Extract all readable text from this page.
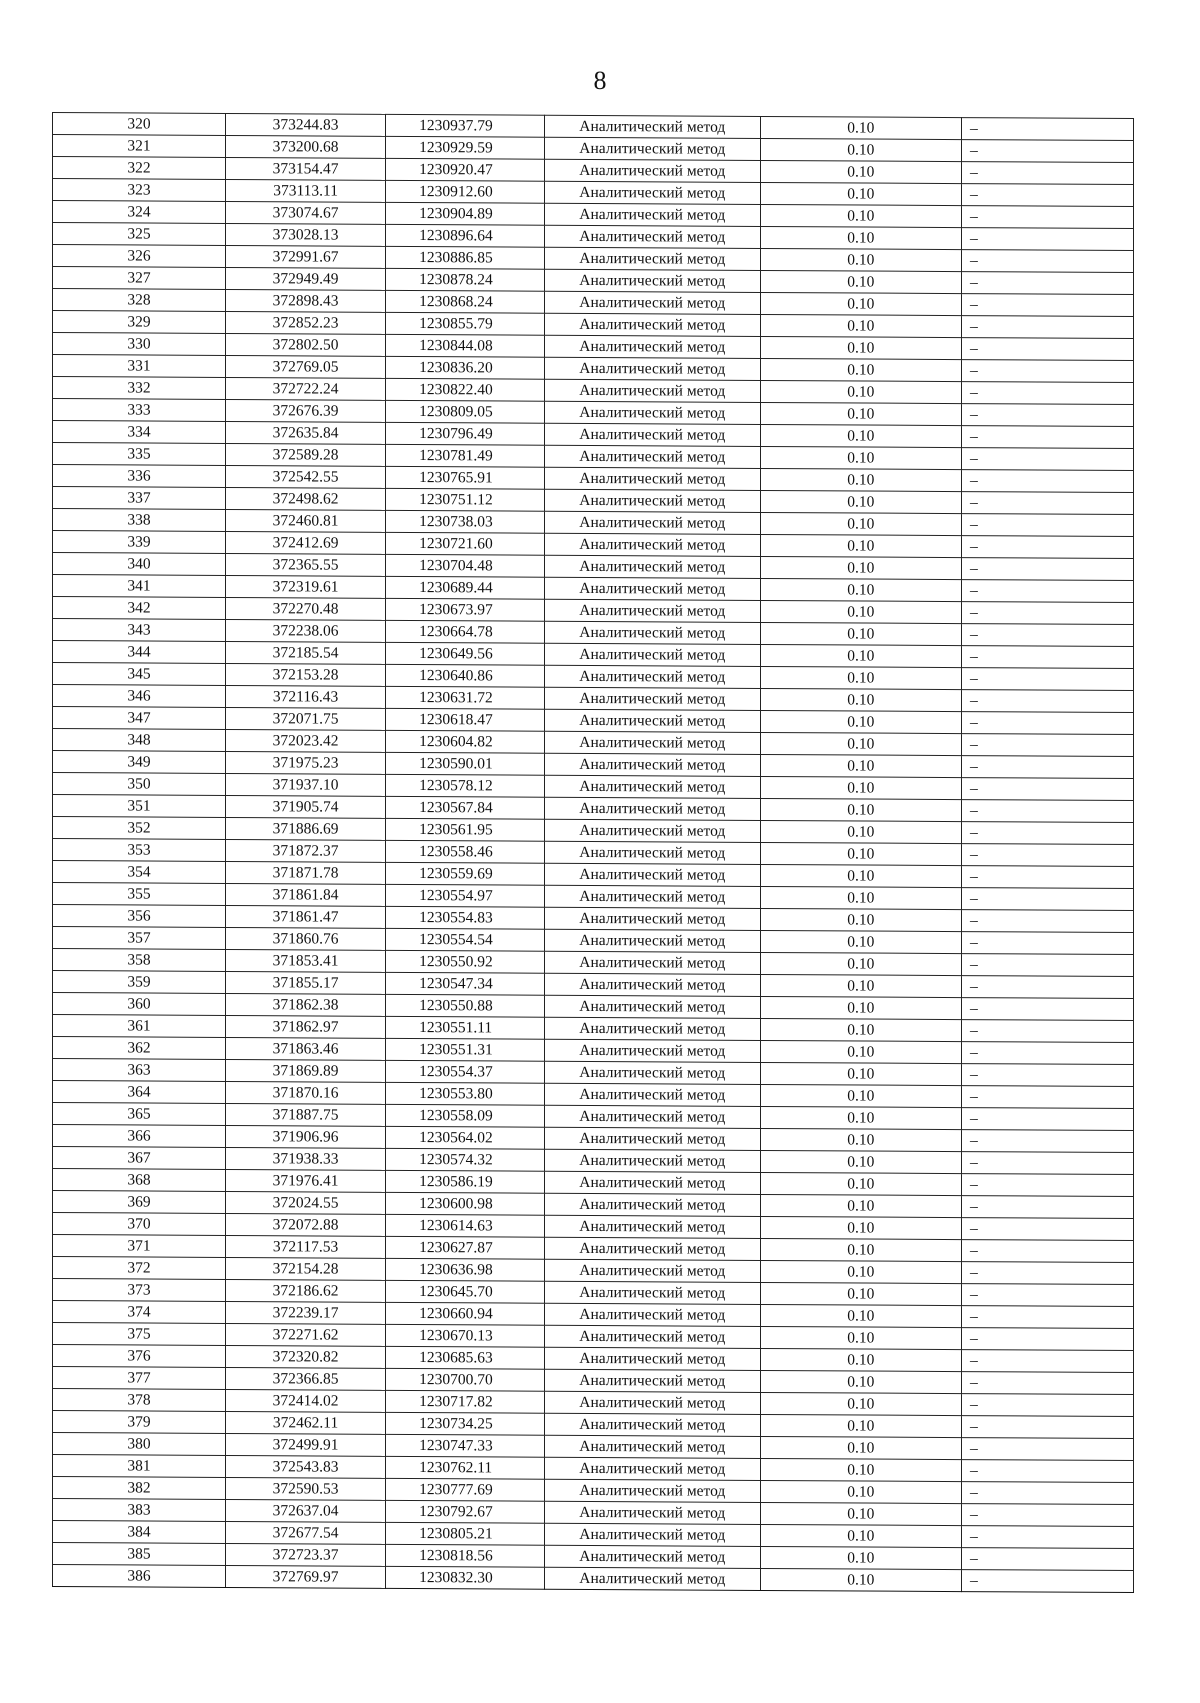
8
320	373244.83	1230937.79	Аналитический метод	0.10	–
321	373200.68	1230929.59	Аналитический метод	0.10	–
322	373154.47	1230920.47	Аналитический метод	0.10	–
323	373113.11	1230912.60	Аналитический метод	0.10	–
324	373074.67	1230904.89	Аналитический метод	0.10	–
325	373028.13	1230896.64	Аналитический метод	0.10	–
326	372991.67	1230886.85	Аналитический метод	0.10	–
327	372949.49	1230878.24	Аналитический метод	0.10	–
328	372898.43	1230868.24	Аналитический метод	0.10	–
329	372852.23	1230855.79	Аналитический метод	0.10	–
330	372802.50	1230844.08	Аналитический метод	0.10	–
331	372769.05	1230836.20	Аналитический метод	0.10	–
332	372722.24	1230822.40	Аналитический метод	0.10	–
333	372676.39	1230809.05	Аналитический метод	0.10	–
334	372635.84	1230796.49	Аналитический метод	0.10	–
335	372589.28	1230781.49	Аналитический метод	0.10	–
336	372542.55	1230765.91	Аналитический метод	0.10	–
337	372498.62	1230751.12	Аналитический метод	0.10	–
338	372460.81	1230738.03	Аналитический метод	0.10	–
339	372412.69	1230721.60	Аналитический метод	0.10	–
340	372365.55	1230704.48	Аналитический метод	0.10	–
341	372319.61	1230689.44	Аналитический метод	0.10	–
342	372270.48	1230673.97	Аналитический метод	0.10	–
343	372238.06	1230664.78	Аналитический метод	0.10	–
344	372185.54	1230649.56	Аналитический метод	0.10	–
345	372153.28	1230640.86	Аналитический метод	0.10	–
346	372116.43	1230631.72	Аналитический метод	0.10	–
347	372071.75	1230618.47	Аналитический метод	0.10	–
348	372023.42	1230604.82	Аналитический метод	0.10	–
349	371975.23	1230590.01	Аналитический метод	0.10	–
350	371937.10	1230578.12	Аналитический метод	0.10	–
351	371905.74	1230567.84	Аналитический метод	0.10	–
352	371886.69	1230561.95	Аналитический метод	0.10	–
353	371872.37	1230558.46	Аналитический метод	0.10	–
354	371871.78	1230559.69	Аналитический метод	0.10	–
355	371861.84	1230554.97	Аналитический метод	0.10	–
356	371861.47	1230554.83	Аналитический метод	0.10	–
357	371860.76	1230554.54	Аналитический метод	0.10	–
358	371853.41	1230550.92	Аналитический метод	0.10	–
359	371855.17	1230547.34	Аналитический метод	0.10	–
360	371862.38	1230550.88	Аналитический метод	0.10	–
361	371862.97	1230551.11	Аналитический метод	0.10	–
362	371863.46	1230551.31	Аналитический метод	0.10	–
363	371869.89	1230554.37	Аналитический метод	0.10	–
364	371870.16	1230553.80	Аналитический метод	0.10	–
365	371887.75	1230558.09	Аналитический метод	0.10	–
366	371906.96	1230564.02	Аналитический метод	0.10	–
367	371938.33	1230574.32	Аналитический метод	0.10	–
368	371976.41	1230586.19	Аналитический метод	0.10	–
369	372024.55	1230600.98	Аналитический метод	0.10	–
370	372072.88	1230614.63	Аналитический метод	0.10	–
371	372117.53	1230627.87	Аналитический метод	0.10	–
372	372154.28	1230636.98	Аналитический метод	0.10	–
373	372186.62	1230645.70	Аналитический метод	0.10	–
374	372239.17	1230660.94	Аналитический метод	0.10	–
375	372271.62	1230670.13	Аналитический метод	0.10	–
376	372320.82	1230685.63	Аналитический метод	0.10	–
377	372366.85	1230700.70	Аналитический метод	0.10	–
378	372414.02	1230717.82	Аналитический метод	0.10	–
379	372462.11	1230734.25	Аналитический метод	0.10	–
380	372499.91	1230747.33	Аналитический метод	0.10	–
381	372543.83	1230762.11	Аналитический метод	0.10	–
382	372590.53	1230777.69	Аналитический метод	0.10	–
383	372637.04	1230792.67	Аналитический метод	0.10	–
384	372677.54	1230805.21	Аналитический метод	0.10	–
385	372723.37	1230818.56	Аналитический метод	0.10	–
386	372769.97	1230832.30	Аналитический метод	0.10	–
